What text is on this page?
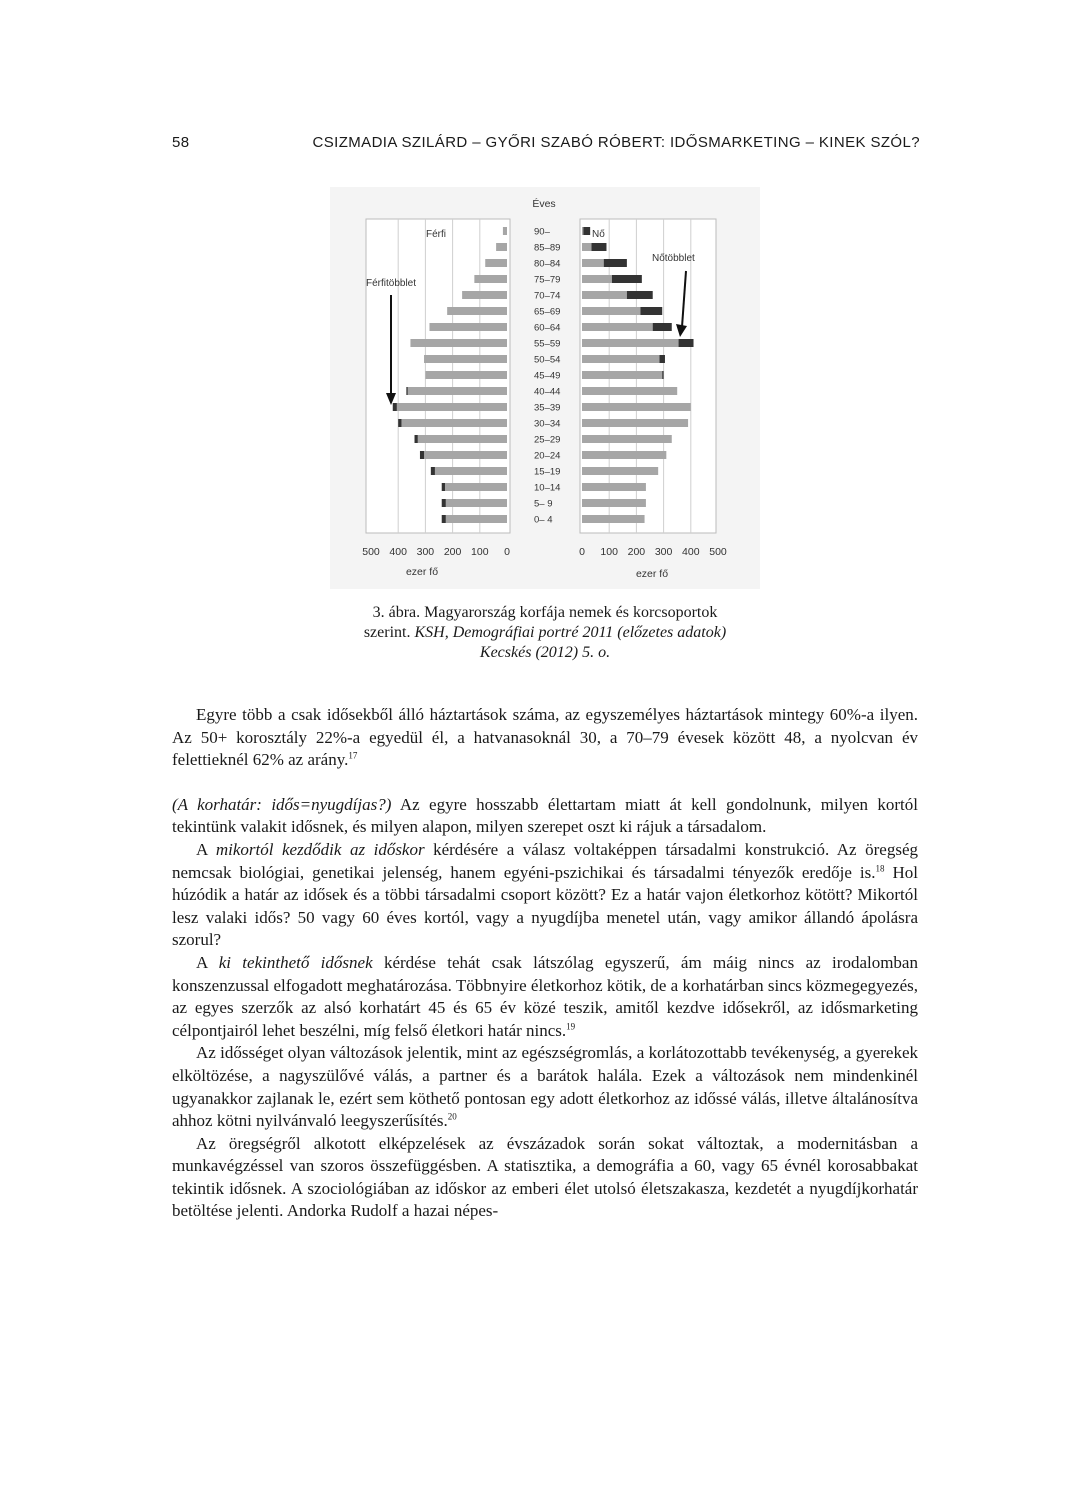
58	CSIZMADIA SZILÁRD – GYŐRI SZABÓ RÓBERT: IDŐSMARKETING – KINEK SZÓL?
0– 4
5– 9
10–14
15–19
20–24
25–29
30–34
35–39
40–44
45–49
50–54
55–59
60–64
65–69
70–74
75–79
80–84
85–89
90–
500 400 300 200 100 0	0 100 200 300 400 500
Éves
Férfi	Nő
Férfitöbblet
Nőtöbblet
ezer fő	ezer fő
3. ábra. Magyarország korfája nemek és korcsoportok
szerint. KSH, Demográfiai portré 2011 (előzetes adatok)
Kecskés (2012) 5. o.

Egyre több a csak idősekből álló háztartások száma, az egyszemélyes háztartások mintegy 60%-a ilyen. Az 50+ korosztály 22%-a egyedül él, a hatvanasoknál 30, a 70–79 évesek között 48, a nyolcvan év felettieknél 62% az arány.$^{17}$

(A korhatár: idős=nyugdíjas?) Az egyre hosszabb élettartam miatt át kell gondolnunk, milyen kortól tekintünk valakit idősnek, és milyen alapon, milyen szerepet oszt ki rájuk a társadalom.

A mikortól kezdődik az időskor kérdésére a válasz voltaképpen társadalmi konstrukció. Az öregség nemcsak biológiai, genetikai jelenség, hanem egyéni-pszichikai és társadalmi tényezők eredője is.$^{18}$ Hol húzódik a határ az idősek és a többi társadalmi csoport között? Ez a határ vajon életkorhoz kötött? Mikortól lesz valaki idős? 50 vagy 60 éves kortól, vagy a nyugdíjba menetel után, vagy amikor állandó ápolásra szorul?

A ki tekinthető idősnek kérdése tehát csak látszólag egyszerű, ám máig nincs az irodalomban konszenzussal elfogadott meghatározása. Többnyire életkorhoz kötik, de a korhatárban sincs közmegegyezés, az egyes szerzők az alsó korhatárt 45 és 65 év közé teszik, amitől kezdve idősekről, az idősmarketing célpontjairól lehet beszélni, míg felső életkori határ nincs.$^{19}$

Az idősséget olyan változások jelentik, mint az egészségromlás, a korlátozottabb tevékenység, a gyerekek elköltözése, a nagyszülővé válás, a partner és a barátok halála. Ezek a változások nem mindenkinél ugyanakkor zajlanak le, ezért sem köthető pontosan egy adott életkorhoz az időssé válás, illetve általánosítva ahhoz kötni nyilvánvaló leegyszerűsítés.$^{20}$

Az öregségről alkotott elképzelések az évszázadok során sokat változtak, a modernitásban a munkavégzéssel van szoros összefüggésben. A statisztika, a demográfia a 60, vagy 65 évnél korosabbakat tekintik idősnek. A szociológiában az időskor az emberi élet utolsó életszakasza, kezdetét a nyugdíjkorhatár betöltése jelenti. Andorka Rudolf a hazai népes-
